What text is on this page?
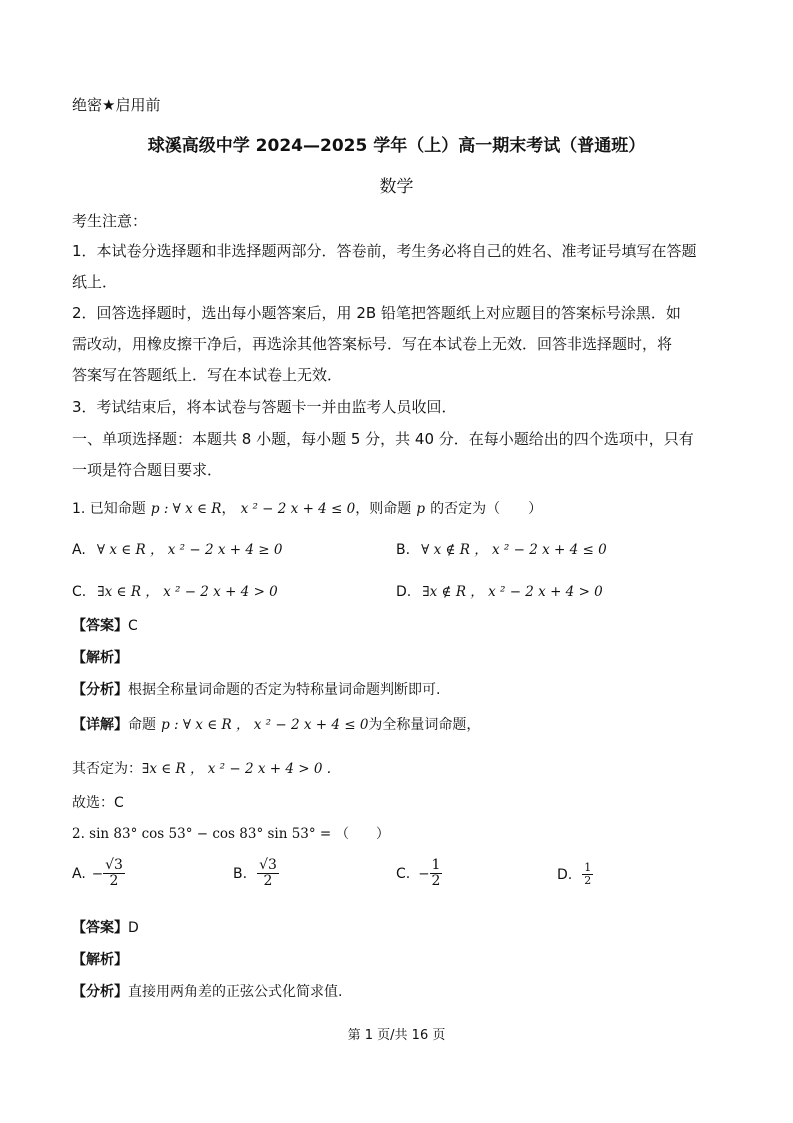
绝密★启用前
球溪高级中学 2024—2025 学年（上）高一期末考试（普通班）
数学
考生注意：
1．本试卷分选择题和非选择题两部分．答卷前，考生务必将自己的姓名、准考证号填写在答题
纸上．
2．回答选择题时，选出每小题答案后，用 2B 铅笔把答题纸上对应题目的答案标号涂黑．如
需改动，用橡皮擦干净后，再选涂其他答案标号．写在本试卷上无效．回答非选择题时，将
答案写在答题纸上．写在本试卷上无效．
3．考试结束后，将本试卷与答题卡一并由监考人员收回．
一、单项选择题：本题共 8 小题，每小题 5 分，共 40 分．在每小题给出的四个选项中，只有
一项是符合题目要求．
1. 已知命题 p : ∀ x ∈ R， x ² − 2 x + 4 ≤ 0，则命题 p 的否定为（　　）
A. ∀ x ∈ R ， x ² − 2 x + 4 ≥ 0	B. ∀ x ∉ R ， x ² − 2 x + 4 ≤ 0
C. ∃x ∈ R ， x ² − 2 x + 4 > 0	D. ∃x ∉ R ， x ² − 2 x + 4 > 0
【答案】C
【解析】
【分析】根据全称量词命题的否定为特称量词命题判断即可.
【详解】命题 p : ∀ x ∈ R ， x ² − 2 x + 4 ≤ 0为全称量词命题，
其否定为：∃x ∈ R ， x ² − 2 x + 4 > 0 .
故选：C
2. sin 83° cos 53° − cos 83° sin 53° = （　　）
A. − $\frac{√3}{2}$	B. $\frac{√3}{2}$	C. − $\frac{1}{2}$	D. $\frac{1}{2}$
【答案】D
【解析】
【分析】直接用两角差的正弦公式化简求值.
第 1 页/共 16 页
